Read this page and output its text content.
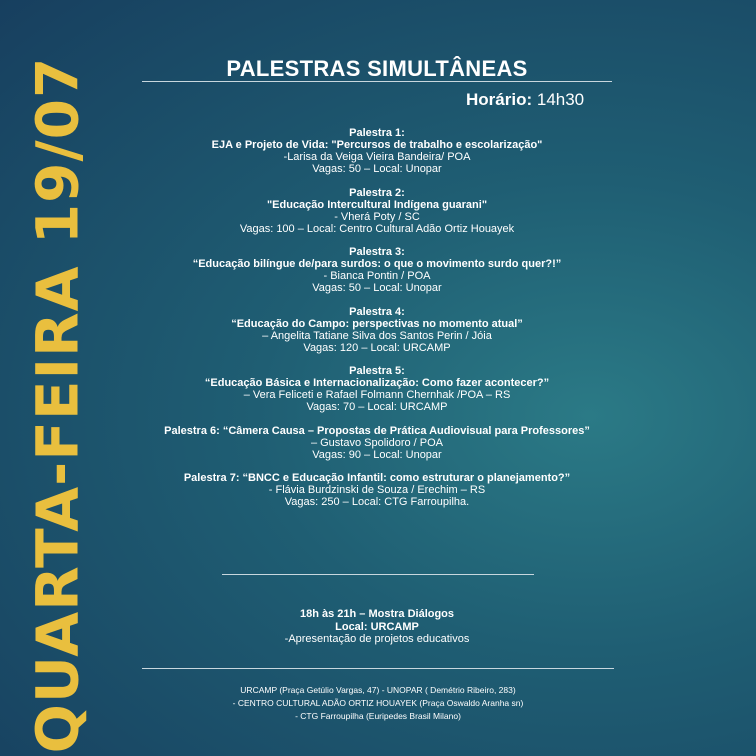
QUARTA-FEIRA 19/07	PALESTRAS SIMULTÂNEAS
Horário: 14h30
Palestra 1:
EJA e Projeto de Vida: "Percursos de trabalho e escolarização"
-Larisa da Veiga Vieira Bandeira/ POA
Vagas: 50 – Local: Unopar
Palestra 2:
"Educação Intercultural Indígena guarani"
- Vherá Poty / SC
Vagas: 100 – Local: Centro Cultural Adão Ortiz Houayek
Palestra 3:
“Educação bilíngue de/para surdos: o que o movimento surdo quer?!”
- Bianca Pontin / POA
Vagas: 50 – Local: Unopar
Palestra 4:
“Educação do Campo: perspectivas no momento atual”
– Angelita Tatiane Silva dos Santos Perin / Jóia
Vagas: 120 – Local: URCAMP
Palestra 5:
“Educação Básica e Internacionalização: Como fazer acontecer?”
– Vera Feliceti e Rafael Folmann Chernhak /POA – RS
Vagas: 70 – Local: URCAMP
Palestra 6: “Câmera Causa – Propostas de Prática Audiovisual para Professores”
– Gustavo Spolidoro / POA
Vagas: 90 – Local: Unopar
Palestra 7: “BNCC e Educação Infantil: como estruturar o planejamento?”
- Flávia Burdzinski de Souza / Erechim – RS
Vagas: 250 – Local: CTG Farroupilha.
18h às 21h – Mostra Diálogos
Local: URCAMP
-Apresentação de projetos educativos
URCAMP (Praça Getúlio Vargas, 47) - UNOPAR ( Demétrio Ribeiro, 283)
- CENTRO CULTURAL ADÃO ORTIZ HOUAYEK (Praça Oswaldo Aranha sn)
- CTG Farroupilha (Euripedes Brasil Milano)
